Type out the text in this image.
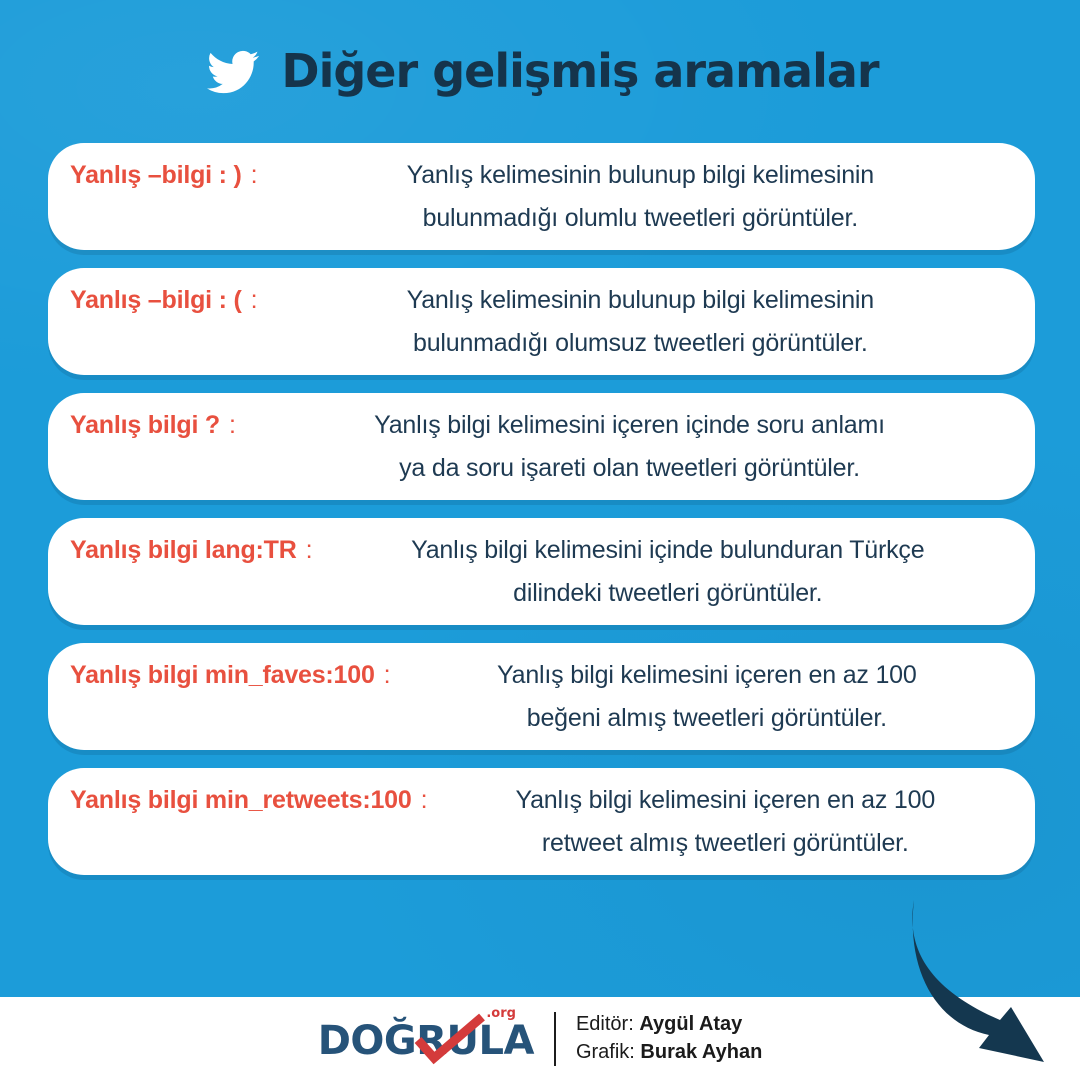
Diğer gelişmiş aramalar
Yanlış –bilgi : ) :	Yanlış kelimesinin bulunup bilgi kelimesinin
bulunmadığı olumlu tweetleri görüntüler.
Yanlış –bilgi : ( :	Yanlış kelimesinin bulunup bilgi kelimesinin
bulunmadığı olumsuz tweetleri görüntüler.
Yanlış bilgi ? :	Yanlış bilgi kelimesini içeren içinde soru anlamı
ya da soru işareti olan tweetleri görüntüler.
Yanlış bilgi lang:TR :	Yanlış bilgi kelimesini içinde bulunduran Türkçe
dilindeki tweetleri görüntüler.
Yanlış bilgi min_faves:100 :	Yanlış bilgi kelimesini içeren en az 100
beğeni almış tweetleri görüntüler.
Yanlış bilgi min_retweets:100 :	Yanlış bilgi kelimesini içeren en az 100
retweet almış tweetleri görüntüler.
DOĞRULA
.org	Editör: Aygül Atay
Grafik: Burak Ayhan
